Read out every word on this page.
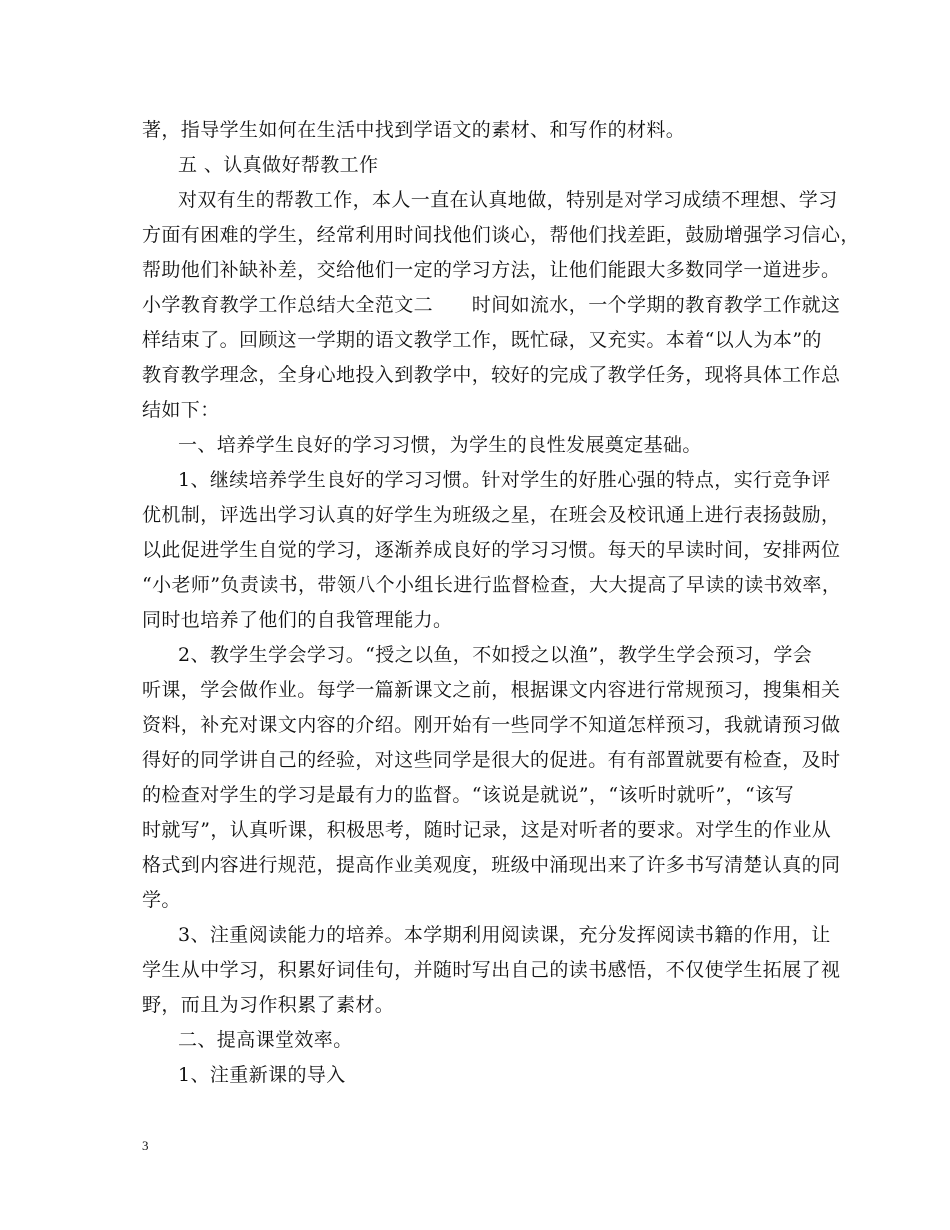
著，指导学生如何在生活中找到学语文的素材、和写作的材料。
五 、认真做好帮教工作
对双有生的帮教工作，本人一直在认真地做，特别是对学习成绩不理想、学习
方面有困难的学生，经常利用时间找他们谈心，帮他们找差距，鼓励增强学习信心，
帮助他们补缺补差，交给他们一定的学习方法，让他们能跟大多数同学一道进步。
小学教育教学工作总结大全范文二　　时间如流水，一个学期的教育教学工作就这
样结束了。回顾这一学期的语文教学工作，既忙碌，又充实。本着“以人为本”的
教育教学理念，全身心地投入到教学中，较好的完成了教学任务，现将具体工作总
结如下：
一、培养学生良好的学习习惯，为学生的良性发展奠定基础。
1、继续培养学生良好的学习习惯。针对学生的好胜心强的特点，实行竞争评
优机制，评选出学习认真的好学生为班级之星，在班会及校讯通上进行表扬鼓励，
以此促进学生自觉的学习，逐渐养成良好的学习习惯。每天的早读时间，安排两位
“小老师”负责读书，带领八个小组长进行监督检查，大大提高了早读的读书效率，
同时也培养了他们的自我管理能力。
2、教学生学会学习。“授之以鱼，不如授之以渔”，教学生学会预习，学会
听课，学会做作业。每学一篇新课文之前，根据课文内容进行常规预习，搜集相关
资料，补充对课文内容的介绍。刚开始有一些同学不知道怎样预习，我就请预习做
得好的同学讲自己的经验，对这些同学是很大的促进。有有部置就要有检查，及时
的检查对学生的学习是最有力的监督。“该说是就说”，“该听时就听”，“该写
时就写”，认真听课，积极思考，随时记录，这是对听者的要求。对学生的作业从
格式到内容进行规范，提高作业美观度，班级中涌现出来了许多书写清楚认真的同
学。
3、注重阅读能力的培养。本学期利用阅读课，充分发挥阅读书籍的作用，让
学生从中学习，积累好词佳句，并随时写出自己的读书感悟，不仅使学生拓展了视
野，而且为习作积累了素材。
二、提高课堂效率。
1、注重新课的导入
3
